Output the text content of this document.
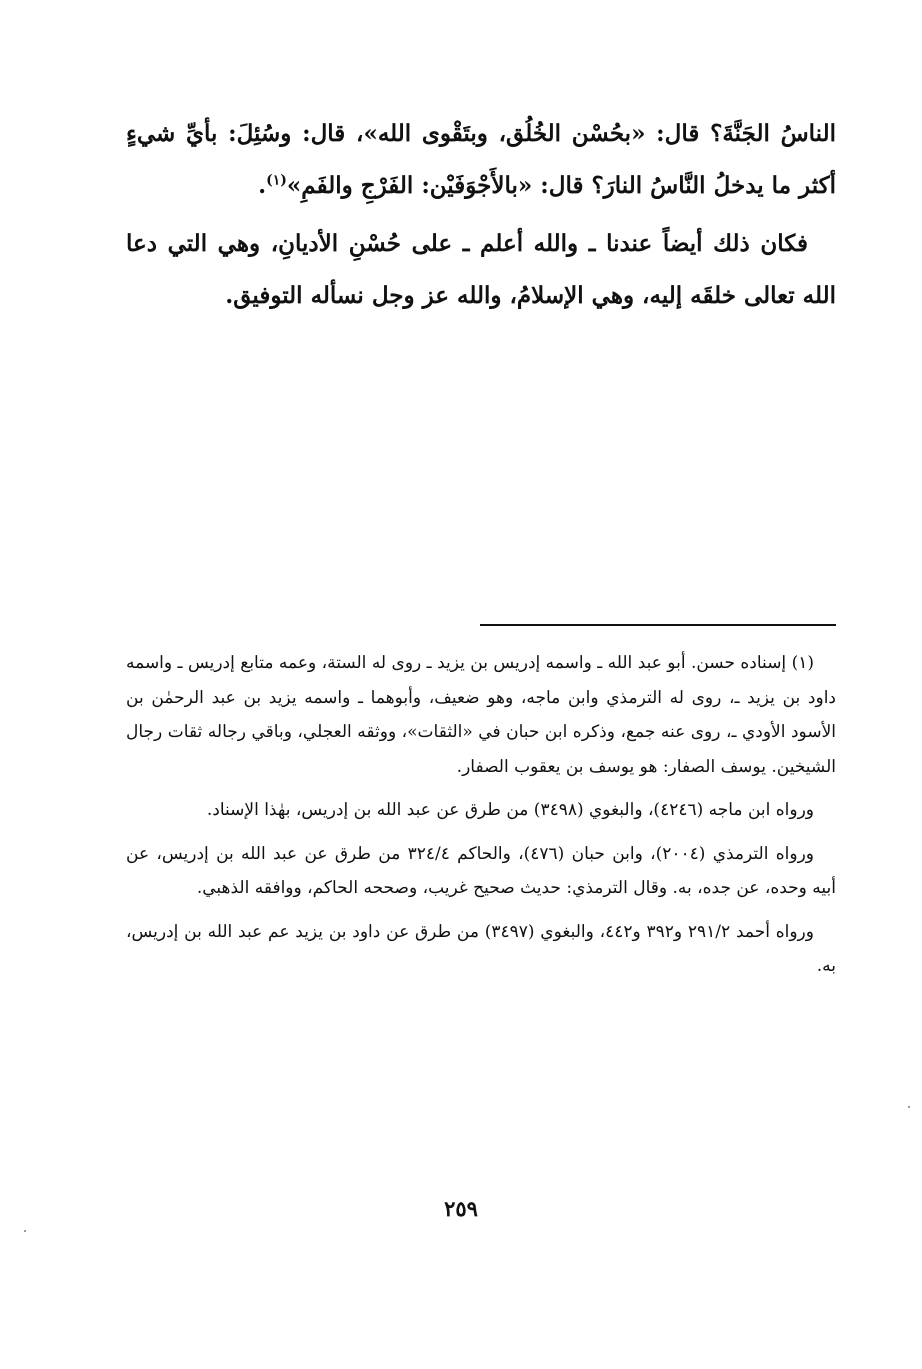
الناسُ الجَنَّةَ؟ قال: «بحُسْن الخُلُق، وبتَقْوى الله»، قال: وسُئِلَ: بأيِّ شيءٍ أكثر ما يدخلُ النَّاسُ النارَ؟ قال: «بالأَجْوَفَيْن: الفَرْجِ والفَمِ»$^{(١)}$.

فكان ذلك أيضاً عندنا ـ والله أعلم ـ على حُسْنِ الأديانِ، وهي التي دعا الله تعالى خلقَه إليه، وهي الإسلامُ، والله عز وجل نسأله التوفيق.

(١) إسناده حسن. أبو عبد الله ـ واسمه إدريس بن يزيد ـ روى له الستة، وعمه متابع إدريس ـ واسمه داود بن يزيد ـ، روى له الترمذي وابن ماجه، وهو ضعيف، وأبوهما ـ واسمه يزيد بن عبد الرحمٰن بن الأسود الأودي ـ، روى عنه جمع، وذكره ابن حبان في «الثقات»، ووثقه العجلي، وباقي رجاله ثقات رجال الشيخين. يوسف الصفار: هو يوسف بن يعقوب الصفار.

ورواه ابن ماجه (٤٢٤٦)، والبغوي (٣٤٩٨) من طرق عن عبد الله بن إدريس، بهٰذا الإسناد.

ورواه الترمذي (٢٠٠٤)، وابن حبان (٤٧٦)، والحاكم ٣٢٤/٤ من طرق عن عبد الله بن إدريس، عن أبيه وحده، عن جده، به. وقال الترمذي: حديث صحيح غريب، وصححه الحاكم، ووافقه الذهبي.

ورواه أحمد ٢٩١/٢ و٣٩٢ و٤٤٢، والبغوي (٣٤٩٧) من طرق عن داود بن يزيد عم عبد الله بن إدريس، به.

٢٥٩
